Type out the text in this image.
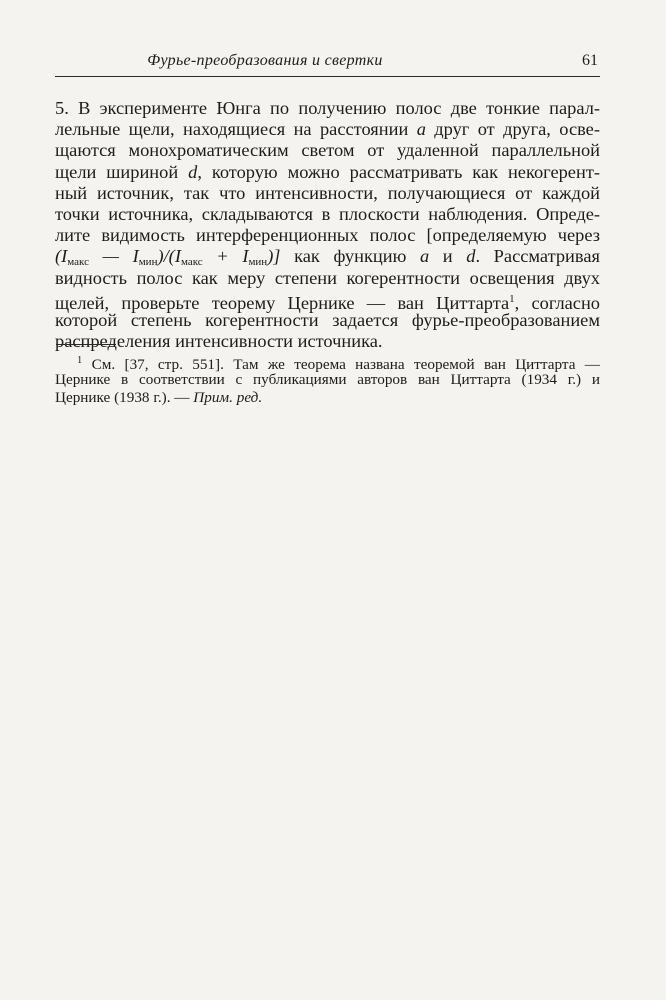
Фурье-преобразования и свертки	61
5. В эксперименте Юнга по получению полос две тонкие парал-
лельные щели, находящиеся на расстоянии a друг от друга, осве-
щаются монохроматическим светом от удаленной параллельной
щели шириной d, которую можно рассматривать как некогерент-
ный источник, так что интенсивности, получающиеся от каждой
точки источника, складываются в плоскости наблюдения. Опреде-
лите видимость интерференционных полос [определяемую через
($I_{макс}$ — $I_{мин})/(I_{макс} + I_{мин})$] как функцию a и d. Рассматривая
видность полос как меру степени когерентности освещения двух
щелей, проверьте теорему Цернике — ван Циттарта$^1$, согласно
которой степень когерентности задается фурье-преобразованием
распределения интенсивности источника.
$^1$ См. [37, стр. 551]. Там же теорема названа теоремой ван Циттарта —
Цернике в соответствии с публикациями авторов ван Циттарта (1934 г.) и
Цернике (1938 г.). — Прим. ред.
